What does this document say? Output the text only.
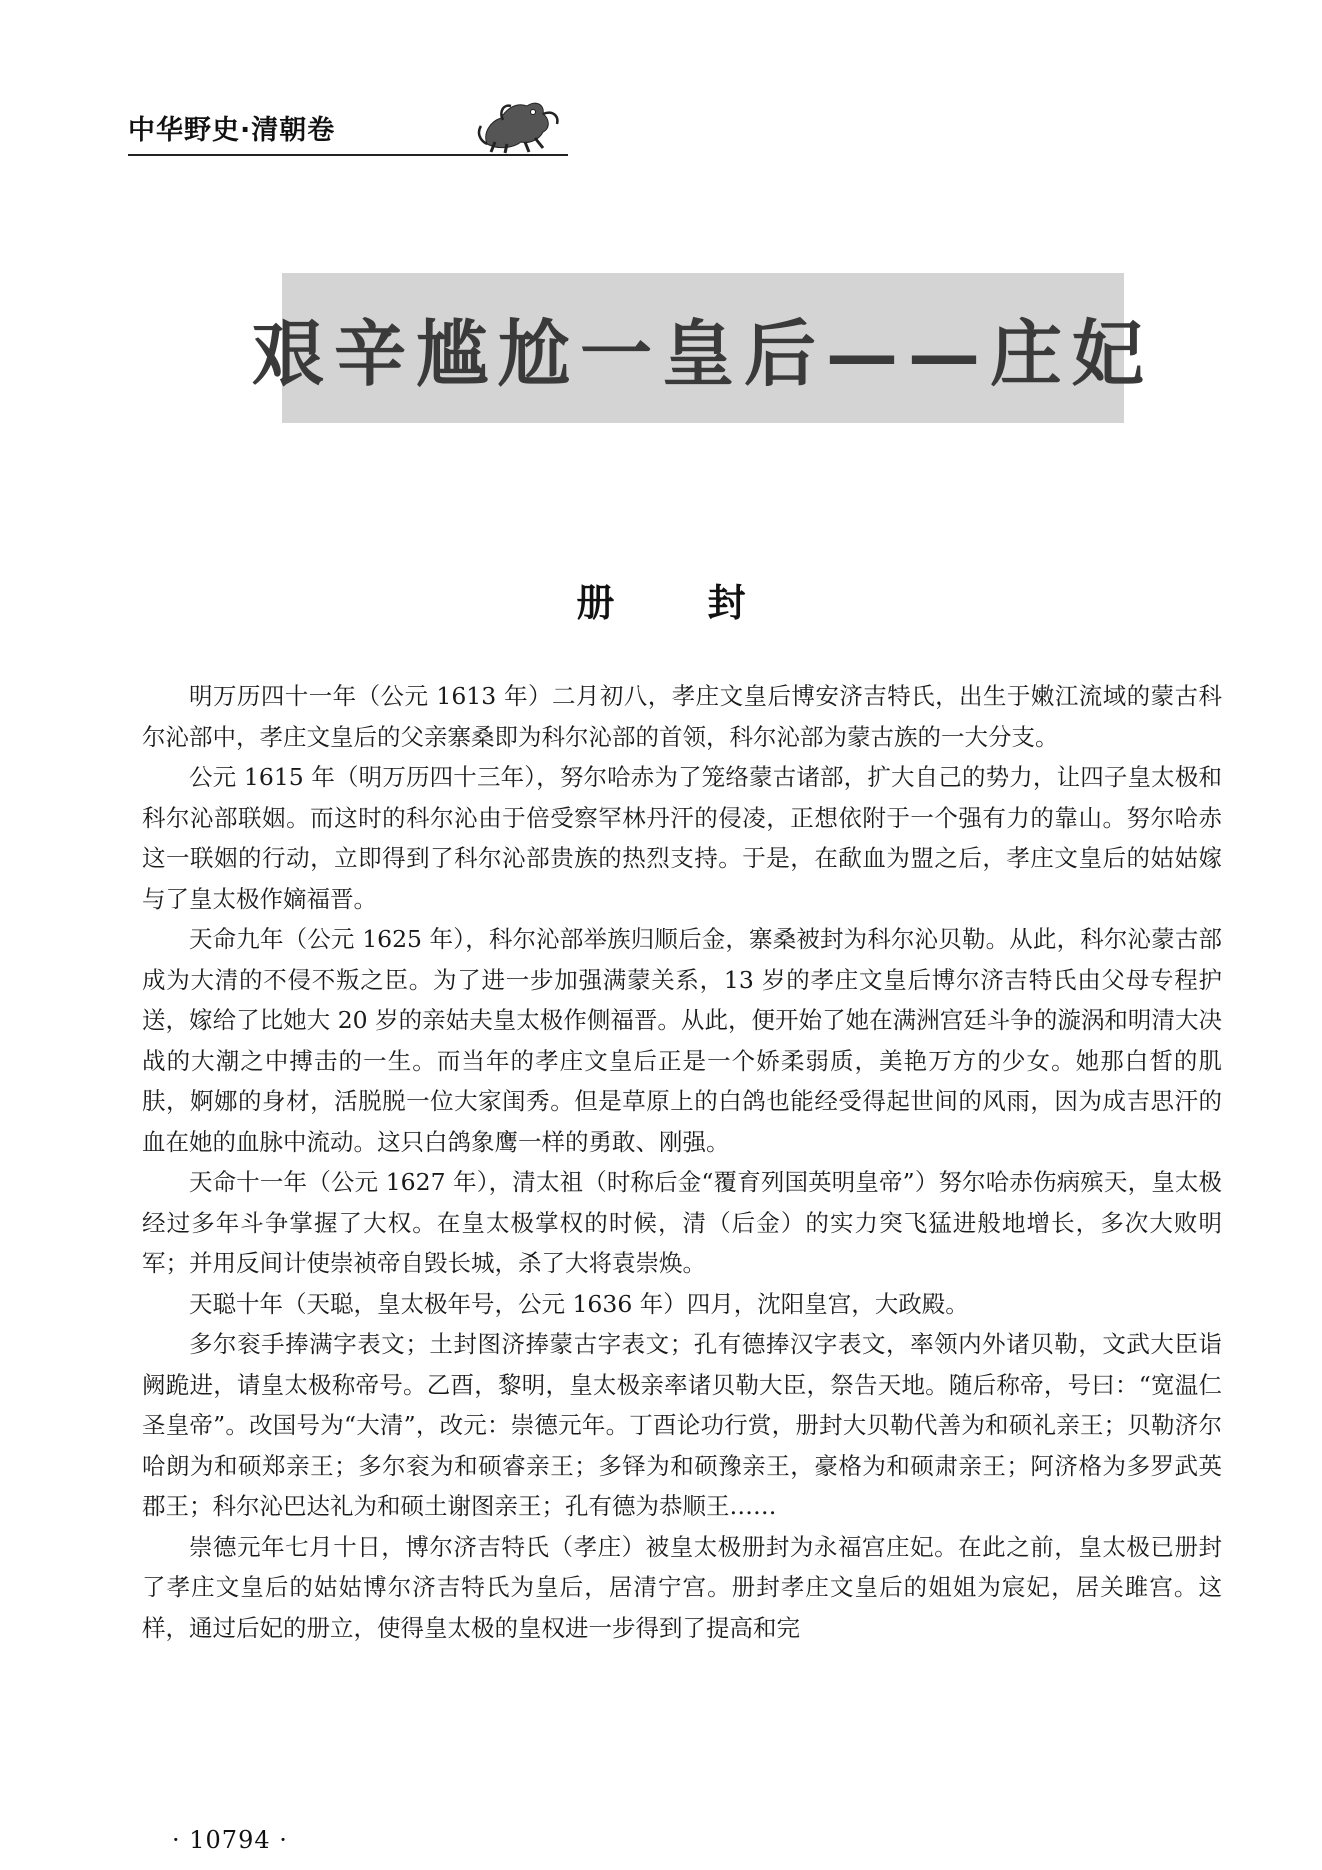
中华野史·清朝卷
艰辛尴尬一皇后——庄妃
册 封

明万历四十一年（公元 1613 年）二月初八，孝庄文皇后博安济吉特氏，出生于嫩江流域的蒙古科尔沁部中，孝庄文皇后的父亲寨桑即为科尔沁部的首领，科尔沁部为蒙古族的一大分支。

公元 1615 年（明万历四十三年），努尔哈赤为了笼络蒙古诸部，扩大自己的势力，让四子皇太极和科尔沁部联姻。而这时的科尔沁由于倍受察罕林丹汗的侵凌，正想依附于一个强有力的靠山。努尔哈赤这一联姻的行动，立即得到了科尔沁部贵族的热烈支持。于是，在歃血为盟之后，孝庄文皇后的姑姑嫁与了皇太极作嫡福晋。

天命九年（公元 1625 年），科尔沁部举族归顺后金，寨桑被封为科尔沁贝勒。从此，科尔沁蒙古部成为大清的不侵不叛之臣。为了进一步加强满蒙关系，13 岁的孝庄文皇后博尔济吉特氏由父母专程护送，嫁给了比她大 20 岁的亲姑夫皇太极作侧福晋。从此，便开始了她在满洲宫廷斗争的漩涡和明清大决战的大潮之中搏击的一生。而当年的孝庄文皇后正是一个娇柔弱质，美艳万方的少女。她那白皙的肌肤，婀娜的身材，活脱脱一位大家闺秀。但是草原上的白鸽也能经受得起世间的风雨，因为成吉思汗的血在她的血脉中流动。这只白鸽象鹰一样的勇敢、刚强。

天命十一年（公元 1627 年），清太祖（时称后金“覆育列国英明皇帝”）努尔哈赤伤病殡天，皇太极经过多年斗争掌握了大权。在皇太极掌权的时候，清（后金）的实力突飞猛进般地增长，多次大败明军；并用反间计使崇祯帝自毁长城，杀了大将袁崇焕。

天聪十年（天聪，皇太极年号，公元 1636 年）四月，沈阳皇宫，大政殿。

多尔衮手捧满字表文；土封图济捧蒙古字表文；孔有德捧汉字表文，率领内外诸贝勒，文武大臣诣阙跪进，请皇太极称帝号。乙酉，黎明，皇太极亲率诸贝勒大臣，祭告天地。随后称帝，号曰：“宽温仁圣皇帝”。改国号为“大清”，改元：崇德元年。丁酉论功行赏，册封大贝勒代善为和硕礼亲王；贝勒济尔哈朗为和硕郑亲王；多尔衮为和硕睿亲王；多铎为和硕豫亲王，豪格为和硕肃亲王；阿济格为多罗武英郡王；科尔沁巴达礼为和硕土谢图亲王；孔有德为恭顺王……

崇德元年七月十日，博尔济吉特氏（孝庄）被皇太极册封为永福宫庄妃。在此之前，皇太极已册封了孝庄文皇后的姑姑博尔济吉特氏为皇后，居清宁宫。册封孝庄文皇后的姐姐为宸妃，居关雎宫。这样，通过后妃的册立，使得皇太极的皇权进一步得到了提高和完

· 10794 ·
